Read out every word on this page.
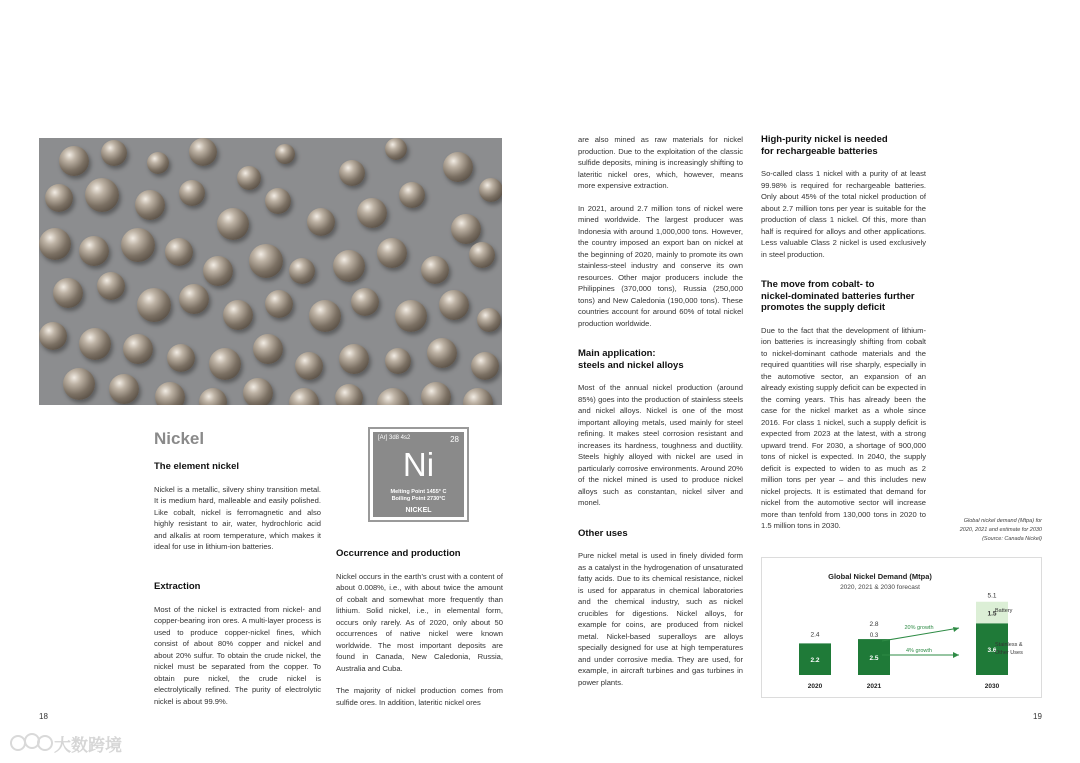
Nickel	[Ar] 3d8 4s2	28
Ni
Melting Point 1455° C
Boiling Point 2730°C
NICKEL

The element nickel

Nickel is a metallic, silvery shiny transition metal. It is medium hard, malleable and easily polished. Like cobalt, nickel is ferromagnetic and also highly resistant to air, water, hydrochloric acid and alkalis at room temperature, which makes it ideal for use in lithium-ion batteries.

Extraction

Most of the nickel is extracted from nickel- and copper-bearing iron ores. A multi-layer process is used to produce copper-nickel fines, which consist of about 80% copper and nickel and about 20% sulfur. To obtain the crude nickel, the nickel must be separated from the copper. To obtain pure nickel, the crude nickel is electrolytically refined. The purity of electrolytic nickel is about 99.9%.

Occurrence and production

Nickel occurs in the earth's crust with a content of about 0.008%, i.e., with about twice the amount of cobalt and somewhat more frequently than lithium. Solid nickel, i.e., in elemental form, occurs only rarely. As of 2020, only about 50 occurrences of native nickel were known worldwide. The most important deposits are found in Canada, New Caledonia, Russia, Australia and Cuba.

The majority of nickel production comes from sulfide ores. In addition, lateritic nickel ores

18

are also mined as raw materials for nickel production. Due to the exploitation of the classic sulfide deposits, mining is increasingly shifting to lateritic nickel ores, which, however, means more expensive extraction.

In 2021, around 2.7 million tons of nickel were mined worldwide. The largest producer was Indonesia with around 1,000,000 tons. However, the country imposed an export ban on nickel at the beginning of 2020, mainly to promote its own stainless-steel industry and conserve its own resources. Other major producers include the Philippines (370,000 tons), Russia (250,000 tons) and New Caledonia (190,000 tons). These countries account for around 60% of total nickel production worldwide.

Main application:

steels and nickel alloys

Most of the annual nickel production (around 85%) goes into the production of stainless steels and nickel alloys. Nickel is one of the most important alloying metals, used mainly for steel refining. It makes steel corrosion resistant and increases its hardness, toughness and ductility. Steels highly alloyed with nickel are used in particularly corrosive environments. Around 20% of the nickel mined is used to produce nickel alloys such as constantan, nickel silver and monel.

Other uses

Pure nickel metal is used in finely divided form as a catalyst in the hydrogenation of unsaturated fatty acids. Due to its chemical resistance, nickel is used for apparatus in chemical laboratories and the chemical industry, such as nickel crucibles for digestions. Nickel alloys, for example for coins, are produced from nickel metal. Nickel-based superalloys are alloys specially designed for use at high temperatures and under corrosive media. They are used, for example, in aircraft turbines and gas turbines in power plants.

High-purity nickel is needed

for rechargeable batteries

So-called class 1 nickel with a purity of at least 99.98% is required for rechargeable batteries. Only about 45% of the total nickel production of about 2.7 million tons per year is suitable for the production of class 1 nickel. Of this, more than half is required for alloys and other applications. Less valuable Class 2 nickel is used exclusively in steel production.

The move from cobalt- to

nickel-dominated batteries further

promotes the supply deficit

Due to the fact that the development of lithium-ion batteries is increasingly shifting from cobalt to nickel-dominant cathode materials and the required quantities will rise sharply, especially in the automotive sector, an expansion of an already existing supply deficit can be expected in the coming years. This has already been the case for the nickel market as a whole since 2016. For class 1 nickel, such a supply deficit is expected from 2023 at the latest, with a strong upward trend. For 2030, a shortage of 900,000 tons of nickel is expected. In 2040, the supply deficit is expected to widen to as much as 2 million tons per year – and this includes new nickel projects. It is estimated that demand for nickel from the automotive sector will increase more than tenfold from 130,000 tons in 2020 to 1.5 million tons in 2030.	Global nickel demand (Mtpa) for
2020, 2021 and estimate for 2030
(Source: Canada Nickel)
Global Nickel Demand (Mtpa)
2020, 2021 & 2030 forecast
2.2
2.4
2020
2.5
0.3
2.8
2021
3.6
1.5
5.1
2030
20% growth
4% growth
Battery
Stainless &
Other Uses
19
大数跨境
